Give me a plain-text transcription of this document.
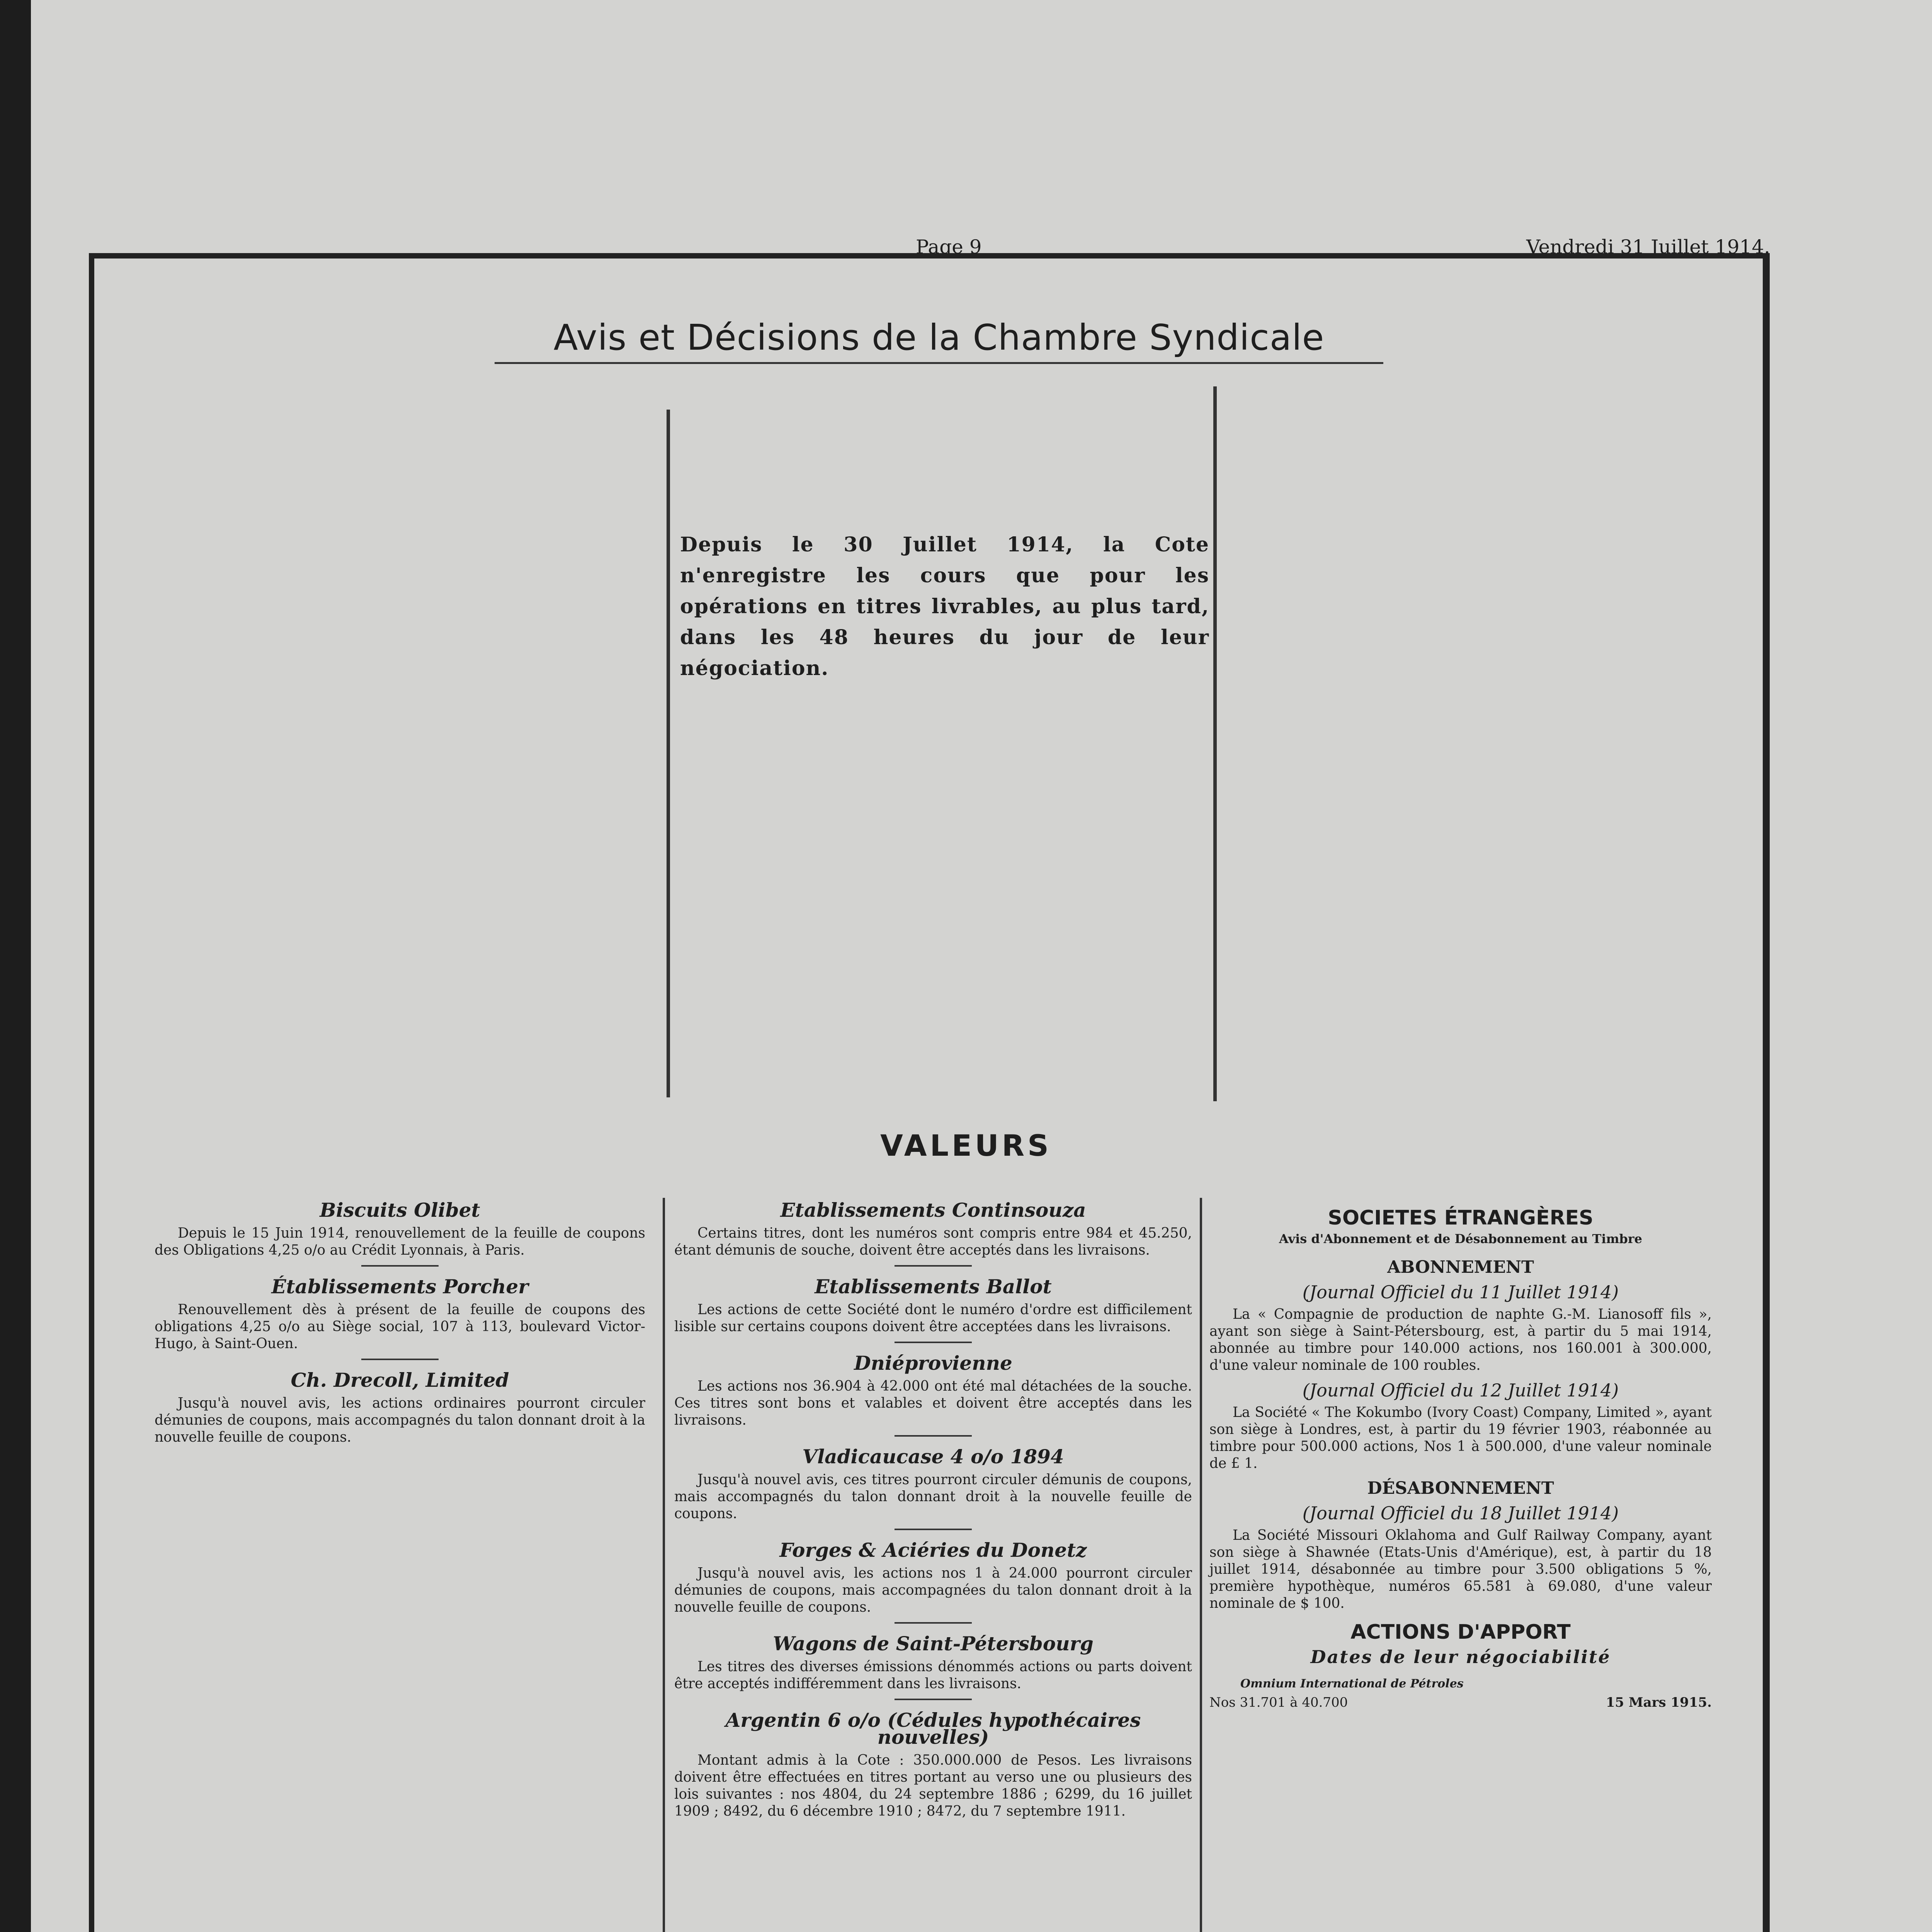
Page 9	Vendredi 31 Juillet 1914.
Avis et Décisions de la Chambre Syndicale
Depuis le 30 Juillet 1914, la Cote n'enregistre les cours que pour les opérations en titres livrables, au plus tard, dans les 48 heures du jour de leur négociation.
VALEURS
Biscuits Olibet

Depuis le 15 Juin 1914, renouvellement de la feuille de coupons des Obligations 4,25 o/o au Crédit Lyonnais, à Paris.

Établissements Porcher

Renouvellement dès à présent de la feuille de coupons des obligations 4,25 o/o au Siège social, 107 à 113, boulevard Victor-Hugo, à Saint-Ouen.

Ch. Drecoll, Limited

Jusqu'à nouvel avis, les actions ordinaires pourront circuler démunies de coupons, mais accompagnés du talon donnant droit à la nouvelle feuille de coupons.

Etablissements Continsouza

Certains titres, dont les numéros sont compris entre 984 et 45.250, étant démunis de souche, doivent être acceptés dans les livraisons.

Etablissements Ballot

Les actions de cette Société dont le numéro d'ordre est difficilement lisible sur certains coupons doivent être acceptées dans les livraisons.

Dniéprovienne

Les actions nos 36.904 à 42.000 ont été mal détachées de la souche. Ces titres sont bons et valables et doivent être acceptés dans les livraisons.

Vladicaucase 4 o/o 1894

Jusqu'à nouvel avis, ces titres pourront circuler démunis de coupons, mais accompagnés du talon donnant droit à la nouvelle feuille de coupons.

Forges & Aciéries du Donetz

Jusqu'à nouvel avis, les actions nos 1 à 24.000 pourront circuler démunies de coupons, mais accompagnées du talon donnant droit à la nouvelle feuille de coupons.

Wagons de Saint-Pétersbourg

Les titres des diverses émissions dénommés actions ou parts doivent être acceptés indifféremment dans les livraisons.

Argentin 6 o/o (Cédules hypothécaires nouvelles)

Montant admis à la Cote : 350.000.000 de Pesos. Les livraisons doivent être effectuées en titres portant au verso une ou plusieurs des lois suivantes : nos 4804, du 24 septembre 1886 ; 6299, du 16 juillet 1909 ; 8492, du 6 décembre 1910 ; 8472, du 7 septembre 1911.

SOCIETES ÉTRANGÈRES
Avis d'Abonnement et de Désabonnement au Timbre
ABONNEMENT
(Journal Officiel du 11 Juillet 1914)

La « Compagnie de production de naphte G.-M. Lianosoff fils », ayant son siège à Saint-Pétersbourg, est, à partir du 5 mai 1914, abonnée au timbre pour 140.000 actions, nos 160.001 à 300.000, d'une valeur nominale de 100 roubles.

(Journal Officiel du 12 Juillet 1914)

La Société « The Kokumbo (Ivory Coast) Company, Limited », ayant son siège à Londres, est, à partir du 19 février 1903, réabonnée au timbre pour 500.000 actions, Nos 1 à 500.000, d'une valeur nominale de £ 1.

DÉSABONNEMENT
(Journal Officiel du 18 Juillet 1914)

La Société Missouri Oklahoma and Gulf Railway Company, ayant son siège à Shawnée (Etats-Unis d'Amérique), est, à partir du 18 juillet 1914, désabonnée au timbre pour 3.500 obligations 5 %, première hypothèque, numéros 65.581 à 69.080, d'une valeur nominale de $ 100.

ACTIONS D'APPORT
Dates de leur négociabilité
Omnium International de Pétroles
Nos 31.701 à 40.700	15 Mars 1915.
